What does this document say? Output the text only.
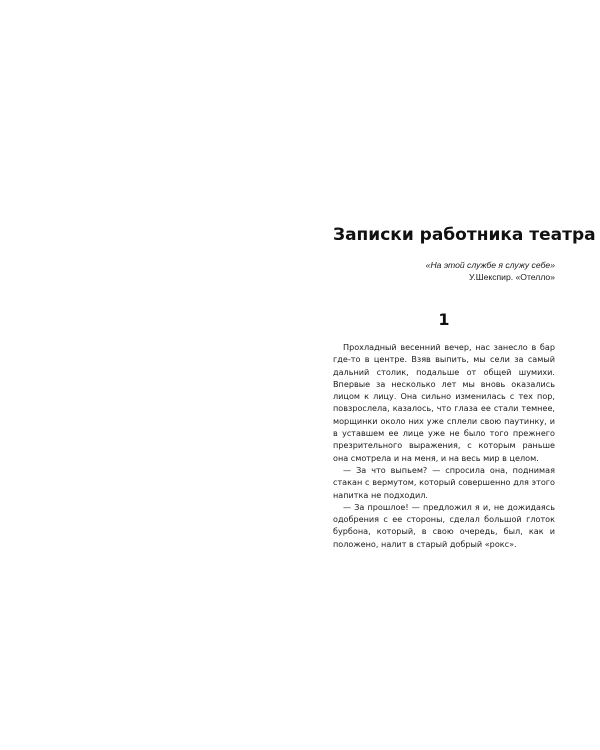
Записки работника театра
«На этой службе я служу себе»
У.Шекспир. «Отелло»
1

Прохладный весенний вечер, нас занесло в бар где-то в центре. Взяв выпить, мы сели за самый дальний столик, подальше от общей шумихи. Впервые за несколько лет мы вновь оказались лицом к лицу. Она сильно изменилась с тех пор, повзрослела, казалось, что глаза ее стали темнее, морщинки около них уже сплели свою паутинку, и в уставшем ее лице уже не было того прежнего презрительного выражения, с которым раньше она смотрела и на меня, и на весь мир в целом.

— За что выпьем? — спросила она, поднимая стакан с вермутом, который совершенно для этого напитка не подходил.

— За прошлое! — предложил я и, не дожидаясь одобрения с ее стороны, сделал большой глоток бурбона, который, в свою очередь, был, как и положено, налит в старый добрый «рокс».
